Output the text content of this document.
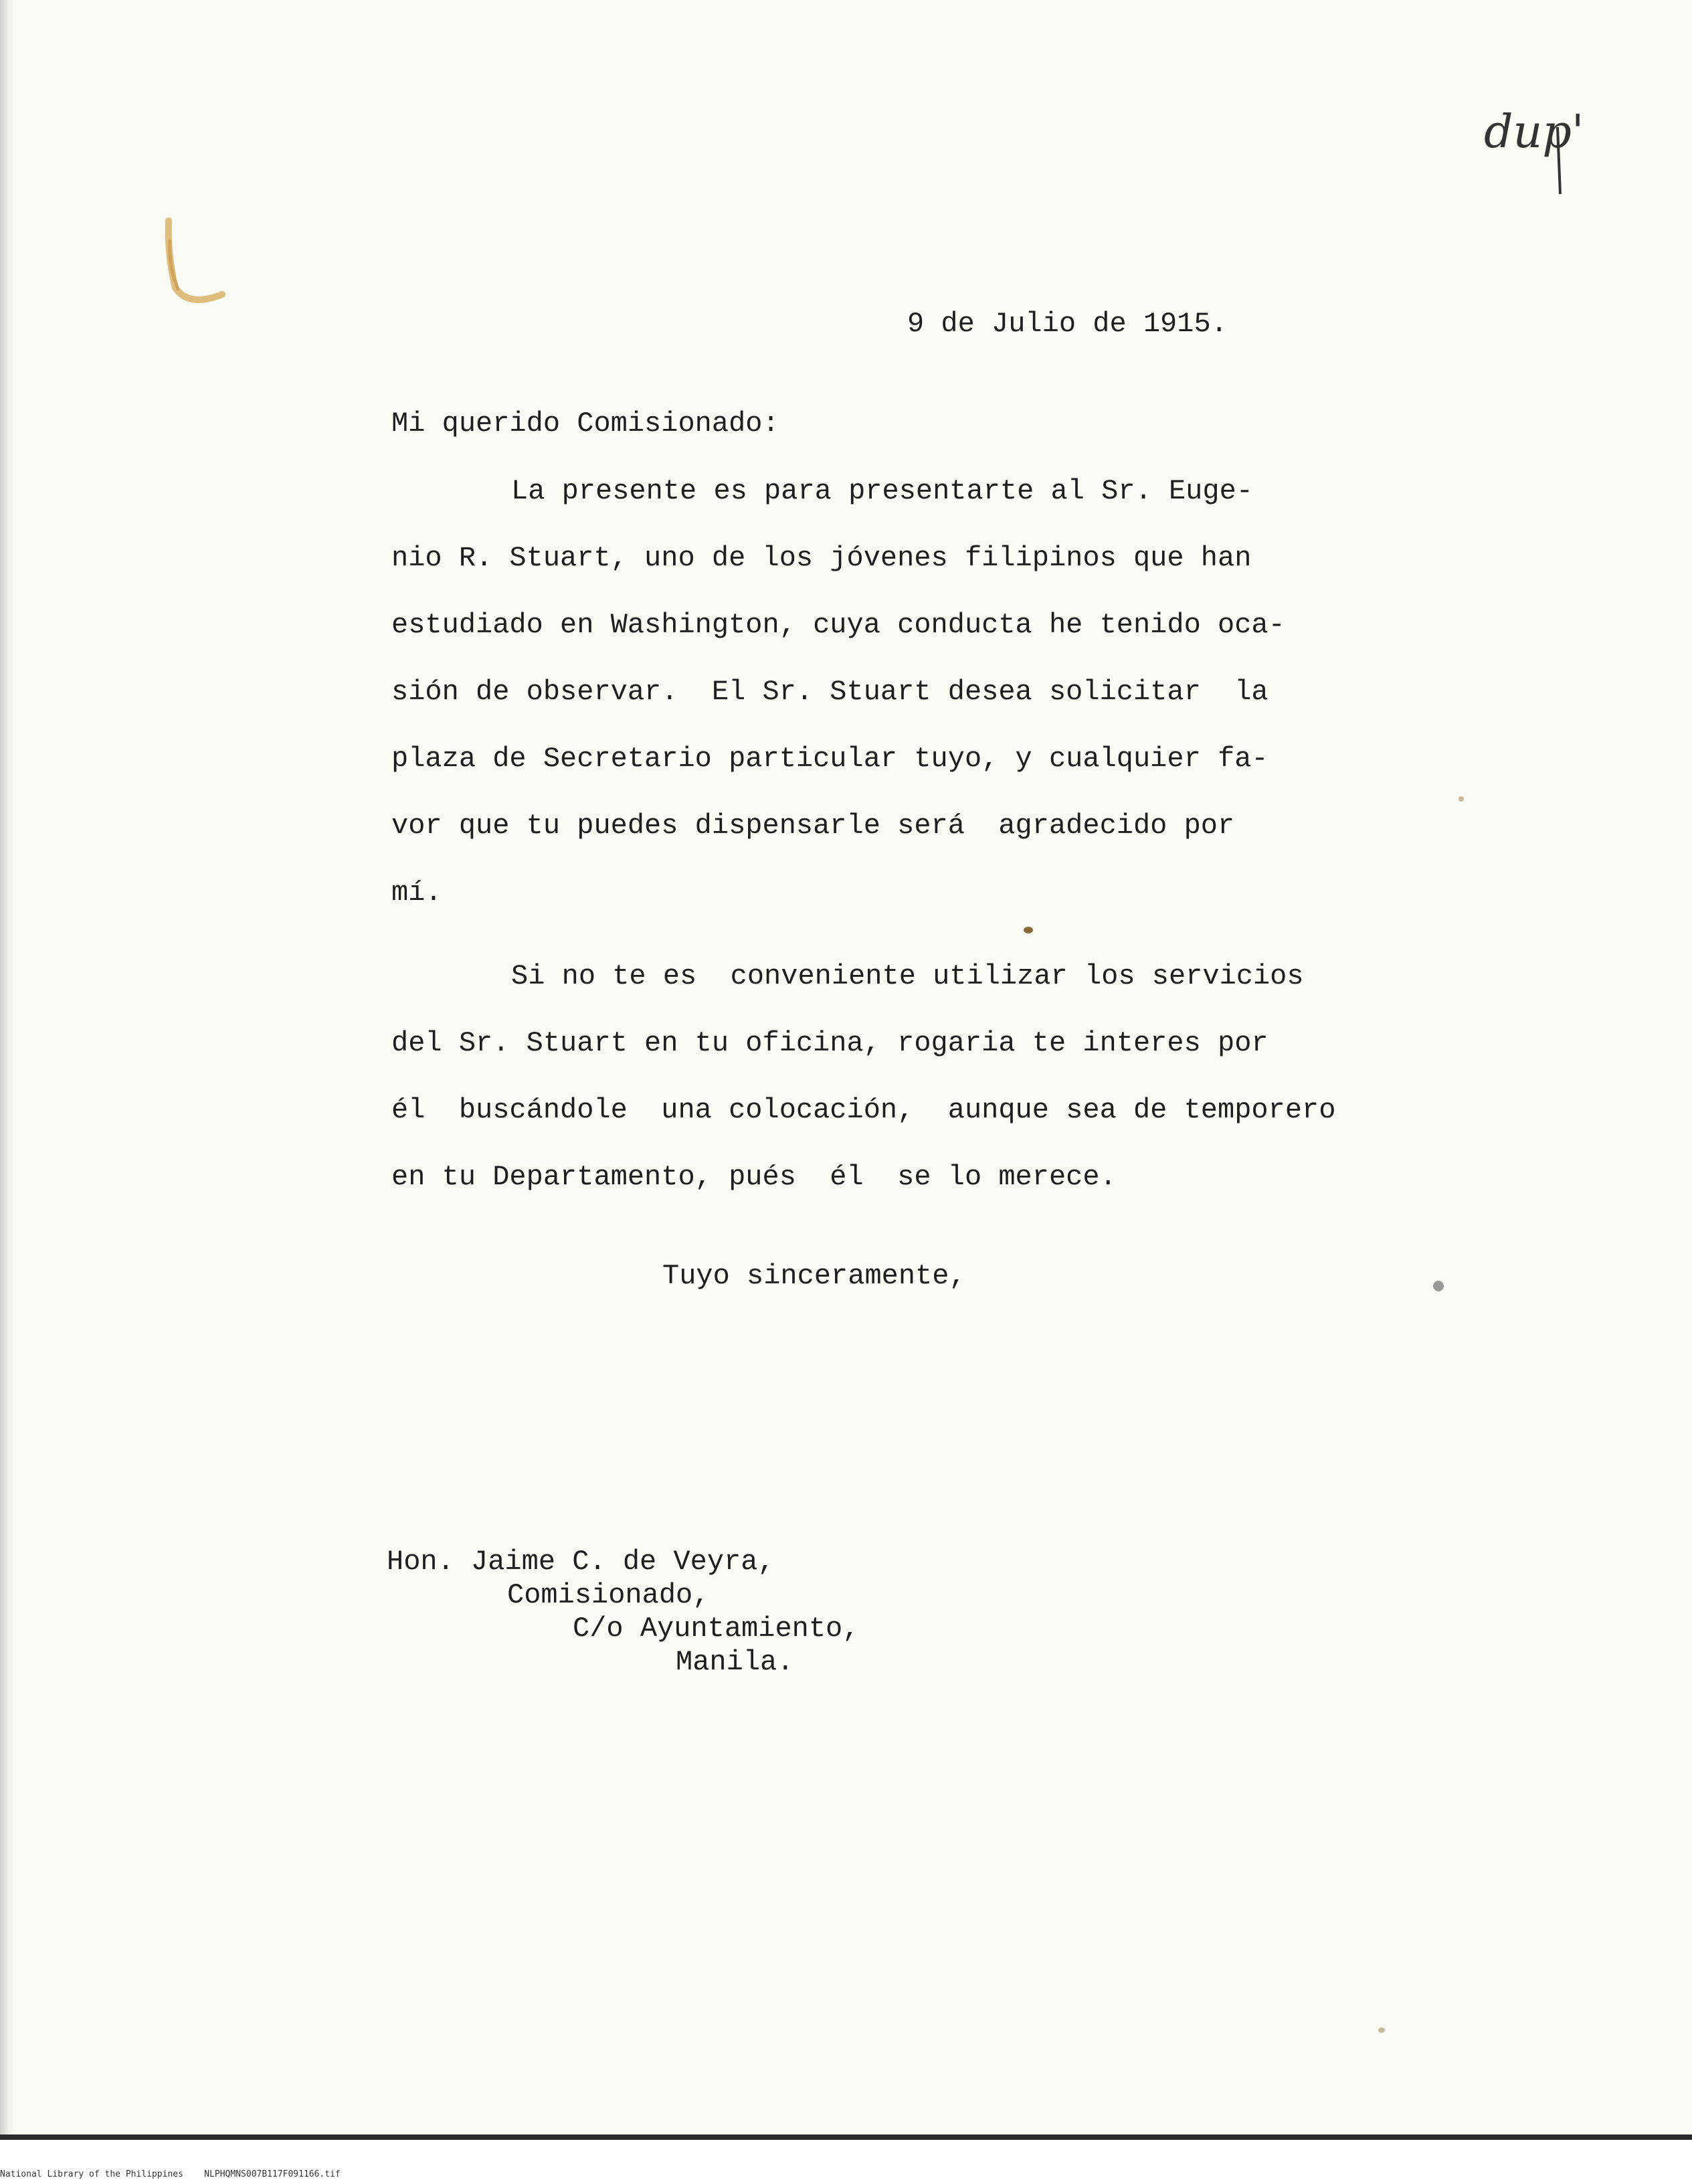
dup'
9 de Julio de 1915.
Mi querido Comisionado:
La presente es para presentarte al Sr. Euge-
nio R. Stuart, uno de los jóvenes filipinos que han
estudiado en Washington, cuya conducta he tenido oca-
sión de observar.  El Sr. Stuart desea solicitar  la
plaza de Secretario particular tuyo, y cualquier fa-
vor que tu puedes dispensarle será  agradecido por
mí.
Si no te es  conveniente utilizar los servicios
del Sr. Stuart en tu oficina, rogaria te interes por
él  buscándole  una colocación,  aunque sea de temporero
en tu Departamento, pués  él  se lo merece.
Tuyo sinceramente,
Hon. Jaime C. de Veyra,
Comisionado,
C/o Ayuntamiento,
Manila.
National Library of the Philippines NLPHQMNS007B117F091166.tif
